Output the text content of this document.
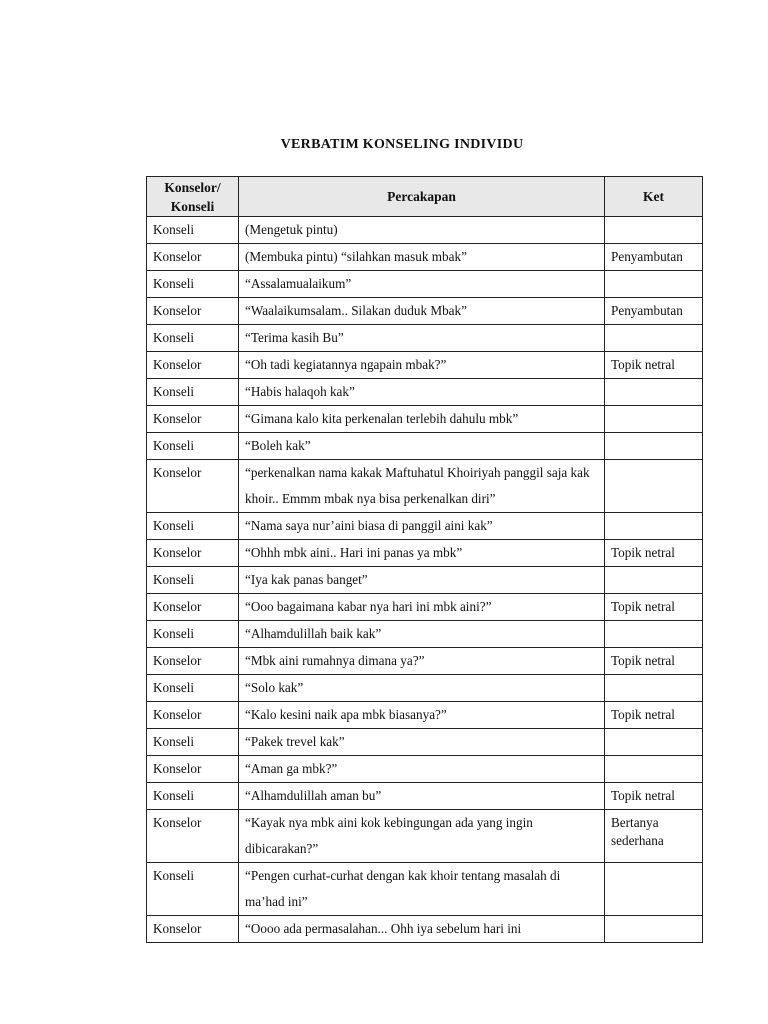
VERBATIM KONSELING INDIVIDU
Konselor/ Konseli	Percakapan	Ket
Konseli	(Mengetuk pintu)	
Konselor	(Membuka pintu) “silahkan masuk mbak”	Penyambutan
Konseli	“Assalamualaikum”	
Konselor	“Waalaikumsalam.. Silakan duduk Mbak”	Penyambutan
Konseli	“Terima kasih Bu”	
Konselor	“Oh tadi kegiatannya ngapain mbak?”	Topik netral
Konseli	“Habis halaqoh kak”	
Konselor	“Gimana kalo kita perkenalan terlebih dahulu mbk”	
Konseli	“Boleh kak”	
Konselor	“perkenalkan nama kakak Maftuhatul Khoiriyah panggil saja kak khoir.. Emmm mbak nya bisa perkenalkan diri”	
Konseli	“Nama saya nur’aini biasa di panggil aini kak”	
Konselor	“Ohhh mbk aini.. Hari ini panas ya mbk”	Topik netral
Konseli	“Iya kak panas banget”	
Konselor	“Ooo bagaimana kabar nya hari ini mbk aini?”	Topik netral
Konseli	“Alhamdulillah baik kak”	
Konselor	“Mbk aini rumahnya dimana ya?”	Topik netral
Konseli	“Solo kak”	
Konselor	“Kalo kesini naik apa mbk biasanya?”	Topik netral
Konseli	“Pakek trevel kak”	
Konselor	“Aman ga mbk?”	
Konseli	“Alhamdulillah aman bu”	Topik netral
Konselor	“Kayak nya mbk aini kok kebingungan ada yang ingin dibicarakan?”	Bertanya sederhana
Konseli	“Pengen curhat-curhat dengan kak khoir tentang masalah di ma’had ini”	
Konselor	“Oooo ada permasalahan... Ohh iya sebelum hari ini	
